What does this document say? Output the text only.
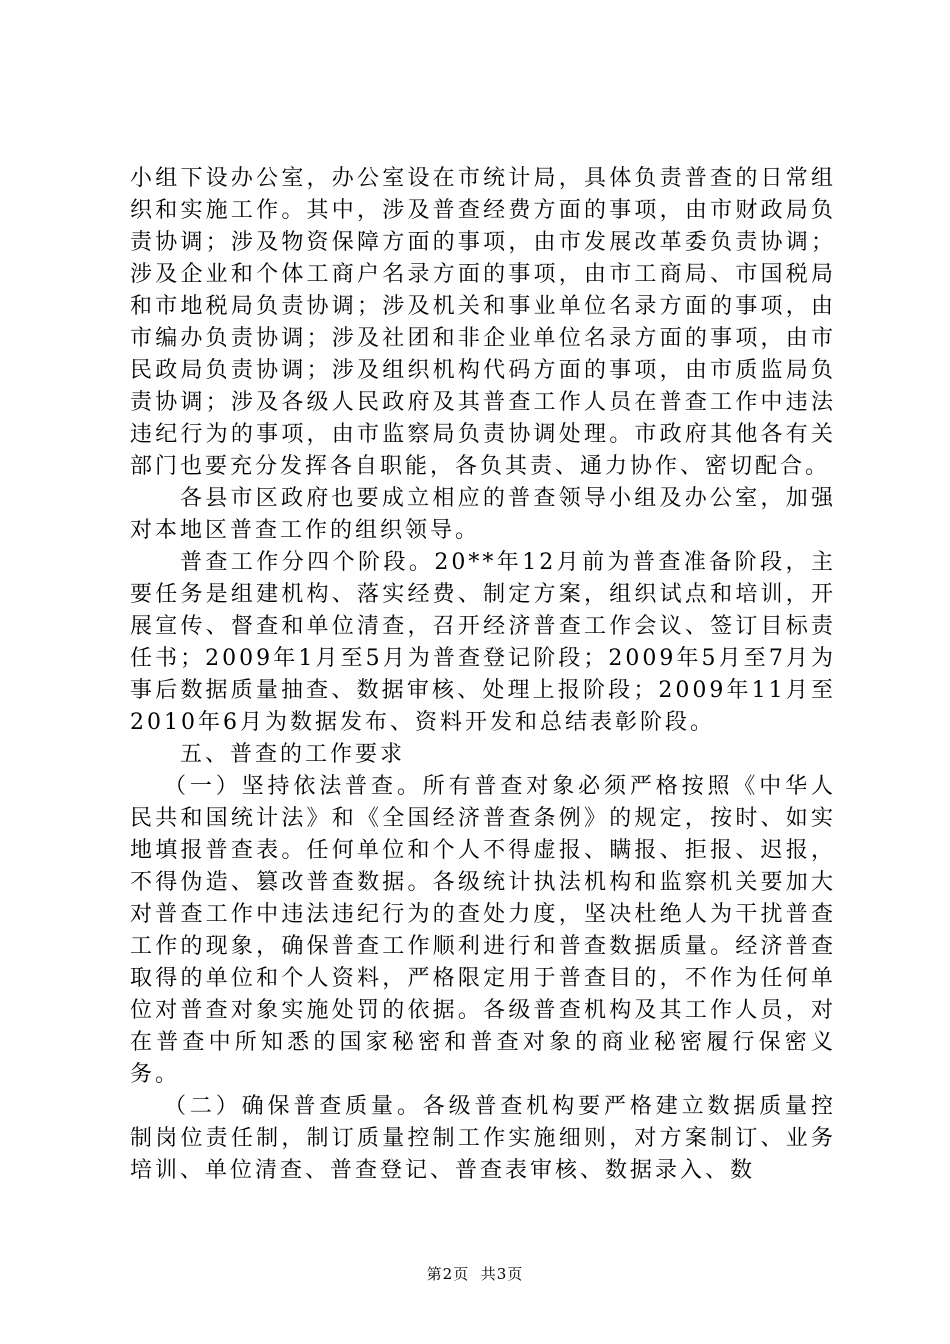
小组下设办公室，办公室设在市统计局，具体负责普查的日常组织和实施工作。其中，涉及普查经费方面的事项，由市财政局负责协调；涉及物资保障方面的事项，由市发展改革委负责协调；涉及企业和个体工商户名录方面的事项，由市工商局、市国税局和市地税局负责协调；涉及机关和事业单位名录方面的事项，由市编办负责协调；涉及社团和非企业单位名录方面的事项，由市民政局负责协调；涉及组织机构代码方面的事项，由市质监局负责协调；涉及各级人民政府及其普查工作人员在普查工作中违法违纪行为的事项，由市监察局负责协调处理。市政府其他各有关部门也要充分发挥各自职能，各负其责、通力协作、密切配合。

各县市区政府也要成立相应的普查领导小组及办公室，加强对本地区普查工作的组织领导。

普查工作分四个阶段。20**年12月前为普查准备阶段，主要任务是组建机构、落实经费、制定方案，组织试点和培训，开展宣传、督查和单位清查，召开经济普查工作会议、签订目标责任书；2009年1月至5月为普查登记阶段；2009年5月至7月为事后数据质量抽查、数据审核、处理上报阶段；2009年11月至2010年6月为数据发布、资料开发和总结表彰阶段。

五、普查的工作要求

（一）坚持依法普查。所有普查对象必须严格按照《中华人民共和国统计法》和《全国经济普查条例》的规定，按时、如实地填报普查表。任何单位和个人不得虚报、瞒报、拒报、迟报，不得伪造、篡改普查数据。各级统计执法机构和监察机关要加大对普查工作中违法违纪行为的查处力度，坚决杜绝人为干扰普查工作的现象，确保普查工作顺利进行和普查数据质量。经济普查取得的单位和个人资料，严格限定用于普查目的，不作为任何单位对普查对象实施处罚的依据。各级普查机构及其工作人员，对在普查中所知悉的国家秘密和普查对象的商业秘密履行保密义务。

（二）确保普查质量。各级普查机构要严格建立数据质量控制岗位责任制，制订质量控制工作实施细则，对方案制订、业务培训、单位清查、普查登记、普查表审核、数据录入、数

第2页 共3页
